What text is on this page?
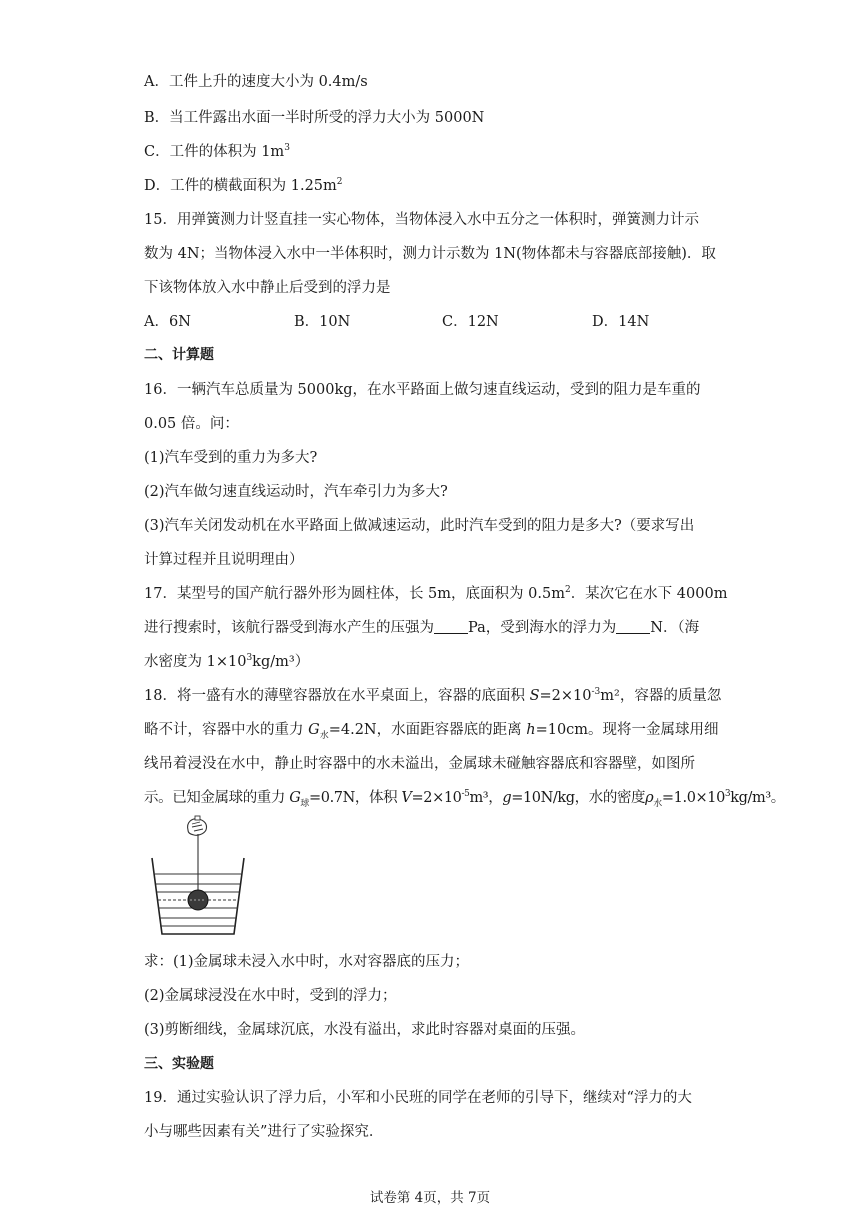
A．工件上升的速度大小为 0.4m/s
B．当工件露出水面一半时所受的浮力大小为 5000N
C．工件的体积为 $1m^3$
D．工件的横截面积为 $1.25m^2$
15．用弹簧测力计竖直挂一实心物体，当物体浸入水中五分之一体积时，弹簧测力计示
数为 4N；当物体浸入水中一半体积时，测力计示数为 1N(物体都未与容器底部接触)．取
下该物体放入水中静止后受到的浮力是
A．6N	B．10N	C．12N	D．14N
二、计算题
16．一辆汽车总质量为 5000kg，在水平路面上做匀速直线运动，受到的阻力是车重的
0.05 倍。问：
(1)汽车受到的重力为多大?
(2)汽车做匀速直线运动时，汽车牵引力为多大?
(3)汽车关闭发动机在水平路面上做减速运动，此时汽车受到的阻力是多大?（要求写出
计算过程并且说明理由）
17．某型号的国产航行器外形为圆柱体，长 5m，底面积为 $0.5m^2$．某次它在水下 4000m
进行搜索时，该航行器受到海水产生的压强为 Pa，受到海水的浮力为 N．（海
水密度为 $1\times 10^3kg/m^3$）
18．将一盛有水的薄壁容器放在水平桌面上，容器的底面积 $S=2\times 10^{-3}m^2$，容器的质量忽
略不计，容器中水的重力 $G_水=4.2N$，水面距容器底的距离 h=10cm。现将一金属球用细
线吊着浸没在水中，静止时容器中的水未溢出，金属球未碰触容器底和容器壁，如图所
示。已知金属球的重力 $G_球=0.7N$，体积 $V=2\times 10^{-5}m^3$，g=10N/kg，水的密度$\rho_水=1.0\times 10^3kg/m^3$。
求：(1)金属球未浸入水中时，水对容器底的压力；
(2)金属球浸没在水中时，受到的浮力；
(3)剪断细线，金属球沉底，水没有溢出，求此时容器对桌面的压强。
三、实验题
19．通过实验认识了浮力后，小军和小民班的同学在老师的引导下，继续对“浮力的大
小与哪些因素有关”进行了实验探究．
试卷第 4页，共 7页
